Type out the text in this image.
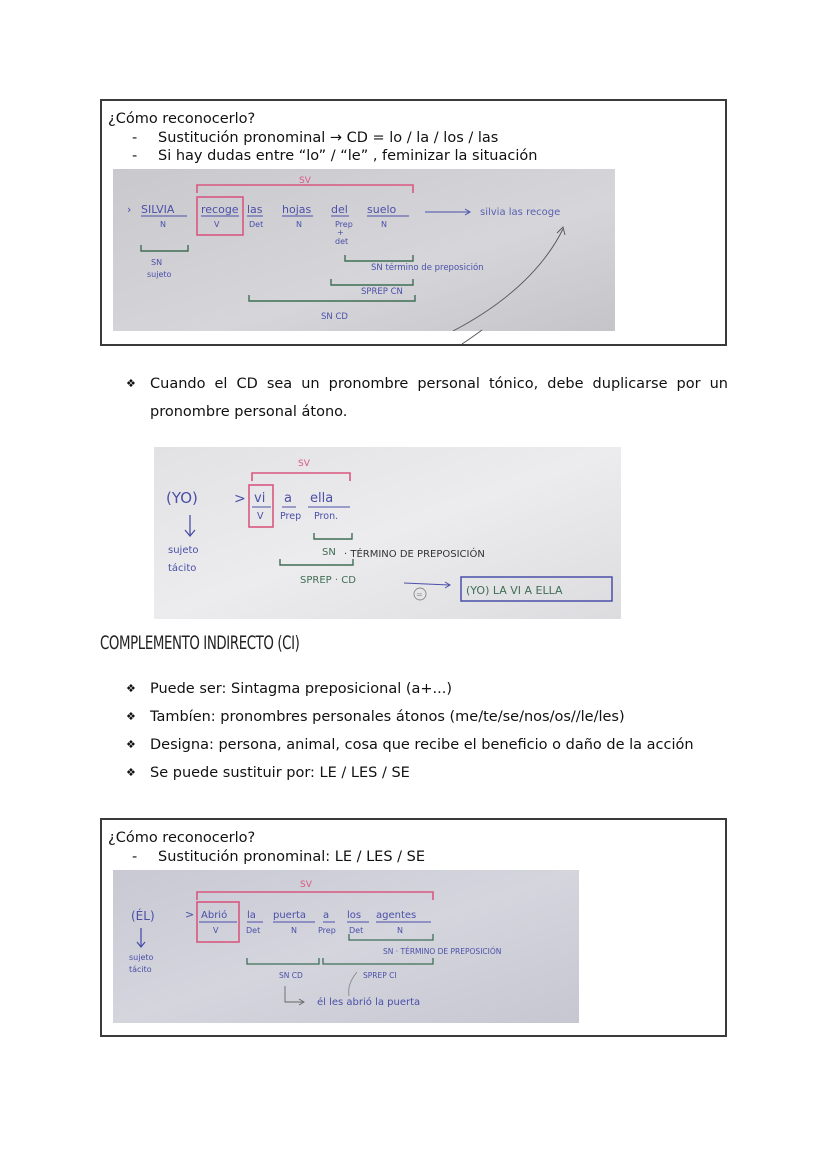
¿Cómo reconocerlo?
- Sustitución pronominal → CD = lo / la / los / las
- Si hay dudas entre “lo” / “le” , feminizar la situación
SV
› SILVIA recoge las hojas del suelo
N	V	Det	N	Prep
+
det
N
silvia las recoge
SN
sujeto
SN término de preposición
SPREP CN
SN CD
❖ Cuando el CD sea un pronombre personal tónico, debe duplicarse por un pronombre personal átono.
SV
(YO)	> vi a ella
V Prep Pron.
sujeto
tácito
SN · TÉRMINO DE PREPOSICIÓN
SPREP · CD
=	(YO) LA VI A ELLA
COMPLEMENTO INDIRECTO (CI)
❖ Puede ser: Sintagma preposicional (a+...)
❖ Tambíen: pronombres personales átonos (me/te/se/nos/os//le/les)
❖ Designa: persona, animal, cosa que recibe el beneficio o daño de la acción
❖ Se puede sustituir por: LE / LES / SE
¿Cómo reconocerlo?
- Sustitución pronominal: LE / LES / SE
SV
(ÉL)	> Abrió la puerta a los agentes
V	Det	N	Prep Det	N
sujeto
tácito
SN · TÉRMINO DE PREPOSICIÓN
SN CD	SPREP CI
él les abrió la puerta
